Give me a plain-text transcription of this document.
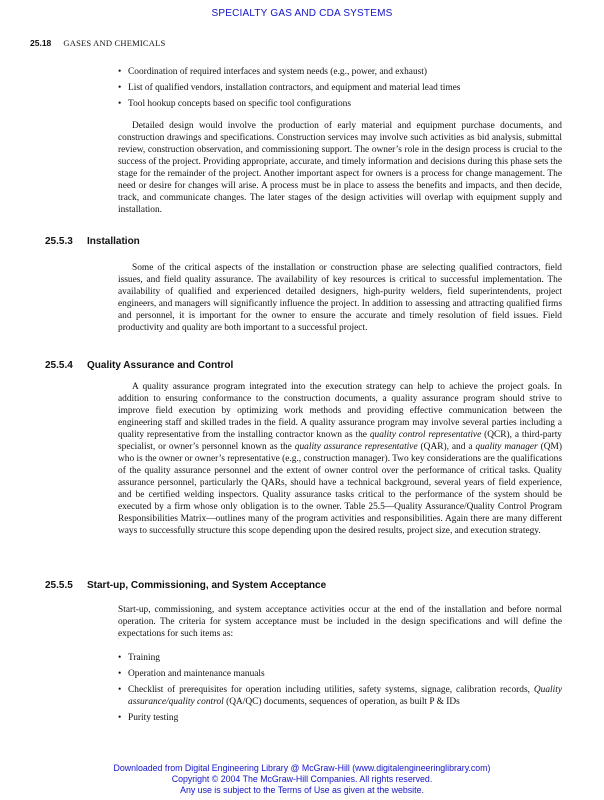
SPECIALTY GAS AND CDA SYSTEMS
25.18 GASES AND CHEMICALS
• Coordination of required interfaces and system needs (e.g., power, and exhaust)
• List of qualified vendors, installation contractors, and equipment and material lead times
• Tool hookup concepts based on specific tool configurations

Detailed design would involve the production of early material and equipment purchase documents, and construction drawings and specifications. Construction services may involve such activities as bid analysis, submittal review, construction observation, and commissioning support. The owner’s role in the design process is crucial to the success of the project. Providing appropriate, accurate, and timely information and decisions during this phase sets the stage for the remainder of the project. Another important aspect for owners is a process for change management. The need or desire for changes will arise. A process must be in place to assess the benefits and impacts, and then decide, track, and communicate changes. The later stages of the design activities will overlap with equipment supply and installation.

25.5.3 Installation

Some of the critical aspects of the installation or construction phase are selecting qualified contractors, field issues, and field quality assurance. The availability of key resources is critical to successful implementation. The availability of qualified and experienced detailed designers, high-purity welders, field superintendents, project engineers, and managers will significantly influence the project. In addition to assessing and attracting qualified firms and personnel, it is important for the owner to ensure the accurate and timely resolution of field issues. Field productivity and quality are both important to a successful project.

25.5.4 Quality Assurance and Control

A quality assurance program integrated into the execution strategy can help to achieve the project goals. In addition to ensuring conformance to the construction documents, a quality assurance program should strive to improve field execution by optimizing work methods and providing effective communication between the engineering staff and skilled trades in the field. A quality assurance program may involve several parties including a quality representative from the installing contractor known as the quality control representative (QCR), a third-party specialist, or owner’s personnel known as the quality assurance representative (QAR), and a quality manager (QM) who is the owner or owner’s representative (e.g., construction manager). Two key considerations are the qualifications of the quality assurance personnel and the extent of owner control over the performance of critical tasks. Quality assurance personnel, particularly the QARs, should have a technical background, several years of field experience, and be certified welding inspectors. Quality assurance tasks critical to the performance of the system should be executed by a firm whose only obligation is to the owner. Table 25.5—Quality Assurance/Quality Control Program Responsibilities Matrix—outlines many of the program activities and responsibilities. Again there are many different ways to successfully structure this scope depending upon the desired results, project size, and execution strategy.

25.5.5 Start-up, Commissioning, and System Acceptance

Start-up, commissioning, and system acceptance activities occur at the end of the installation and before normal operation. The criteria for system acceptance must be included in the design specifications and will define the expectations for such items as:

• Training
• Operation and maintenance manuals
• Checklist of prerequisites for operation including utilities, safety systems, signage, calibration records, Quality assurance/quality control (QA/QC) documents, sequences of operation, as built P & IDs
• Purity testing
Downloaded from Digital Engineering Library @ McGraw-Hill (www.digitalengineeringlibrary.com)
Copyright © 2004 The McGraw-Hill Companies. All rights reserved.
Any use is subject to the Terms of Use as given at the website.
